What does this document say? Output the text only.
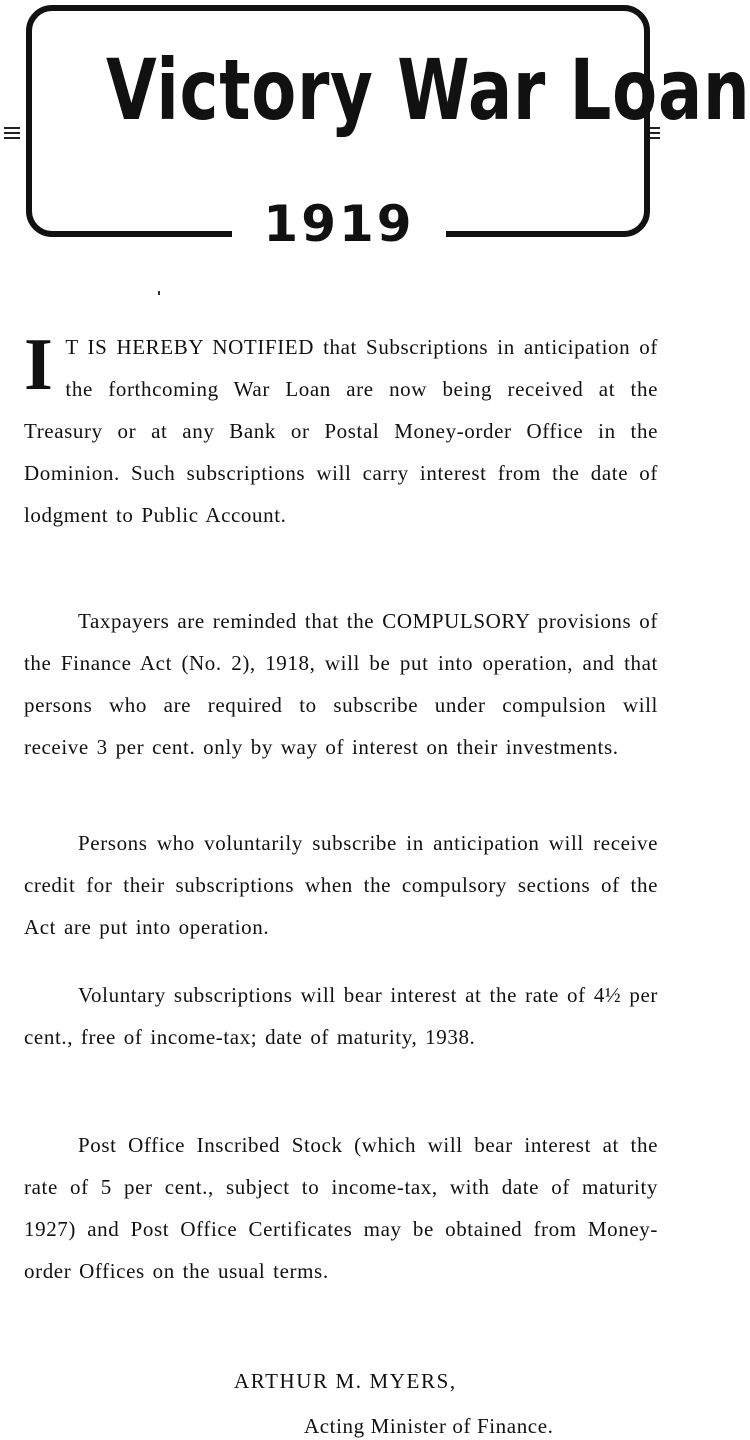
Victory War Loan
1919

I T IS HEREBY NOTIFIED that Subscriptions in anticipation of the forthcoming War Loan are now being received at the Treasury or at any Bank or Postal Money-order Office in the Dominion. Such subscriptions will carry interest from the date of lodgment to Public Account.

Taxpayers are reminded that the COMPULSORY provisions of the Finance Act (No. 2), 1918, will be put into operation, and that persons who are required to subscribe under compulsion will receive 3 per cent. only by way of interest on their investments.

Persons who voluntarily subscribe in anticipation will receive credit for their subscriptions when the compulsory sections of the Act are put into operation.

Voluntary subscriptions will bear interest at the rate of 4½ per cent., free of income-tax; date of maturity, 1938.

Post Office Inscribed Stock (which will bear interest at the rate of 5 per cent., subject to income-tax, with date of maturity 1927) and Post Office Certificates may be obtained from Money-order Offices on the usual terms.

ARTHUR M. MYERS,
Acting Minister of Finance.
